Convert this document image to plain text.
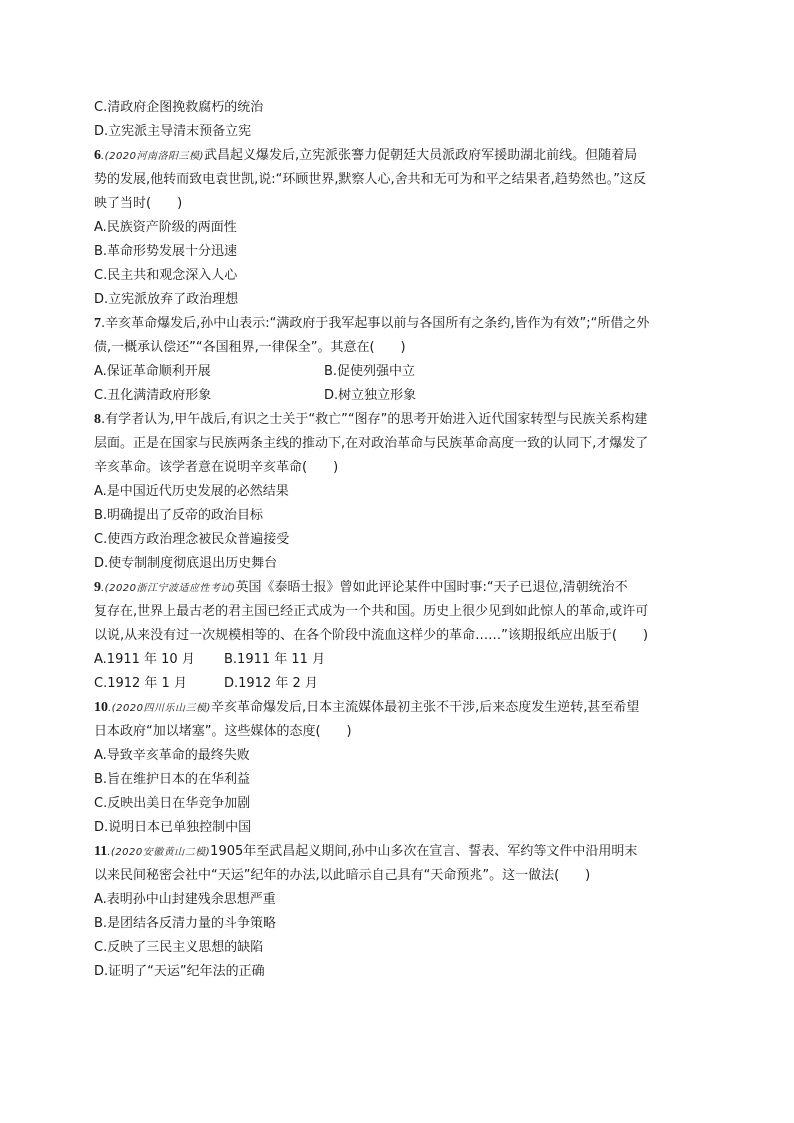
C.清政府企图挽救腐朽的统治
D.立宪派主导清末预备立宪
6.(2020河南洛阳三模)武昌起义爆发后,立宪派张謇力促朝廷大员派政府军援助湖北前线。但随着局
势的发展,他转而致电袁世凯,说:“环顾世界,默察人心,舍共和无可为和平之结果者,趋势然也。”这反
映了当时(　　)
A.民族资产阶级的两面性
B.革命形势发展十分迅速
C.民主共和观念深入人心
D.立宪派放弃了政治理想
7.辛亥革命爆发后,孙中山表示:“满政府于我军起事以前与各国所有之条约,皆作为有效”;“所借之外
债,一概承认偿还”“各国租界,一律保全”。其意在(　　)
A.保证革命顺利开展	B.促使列强中立
C.丑化满清政府形象	D.树立独立形象
8.有学者认为,甲午战后,有识之士关于“救亡”“图存”的思考开始进入近代国家转型与民族关系构建
层面。正是在国家与民族两条主线的推动下,在对政治革命与民族革命高度一致的认同下,才爆发了
辛亥革命。该学者意在说明辛亥革命(　　)
A.是中国近代历史发展的必然结果
B.明确提出了反帝的政治目标
C.使西方政治理念被民众普遍接受
D.使专制制度彻底退出历史舞台
9.(2020浙江宁波适应性考试)英国《泰晤士报》曾如此评论某件中国时事:“天子已退位,清朝统治不
复存在,世界上最古老的君主国已经正式成为一个共和国。历史上很少见到如此惊人的革命,或许可
以说,从来没有过一次规模相等的、在各个阶段中流血这样少的革命……”该期报纸应出版于(　　)
A.1911 年 10 月	B.1911 年 11 月
C.1912 年 1 月	D.1912 年 2 月
10.(2020四川乐山三模)辛亥革命爆发后,日本主流媒体最初主张不干涉,后来态度发生逆转,甚至希望
日本政府“加以堵塞”。这些媒体的态度(　　)
A.导致辛亥革命的最终失败
B.旨在维护日本的在华利益
C.反映出美日在华竞争加剧
D.说明日本已单独控制中国
11.(2020安徽黄山二模)1905年至武昌起义期间,孙中山多次在宣言、誓表、军约等文件中沿用明末
以来民间秘密会社中“天运”纪年的办法,以此暗示自己具有“天命预兆”。这一做法(　　)
A.表明孙中山封建残余思想严重
B.是团结各反清力量的斗争策略
C.反映了三民主义思想的缺陷
D.证明了“天运”纪年法的正确
